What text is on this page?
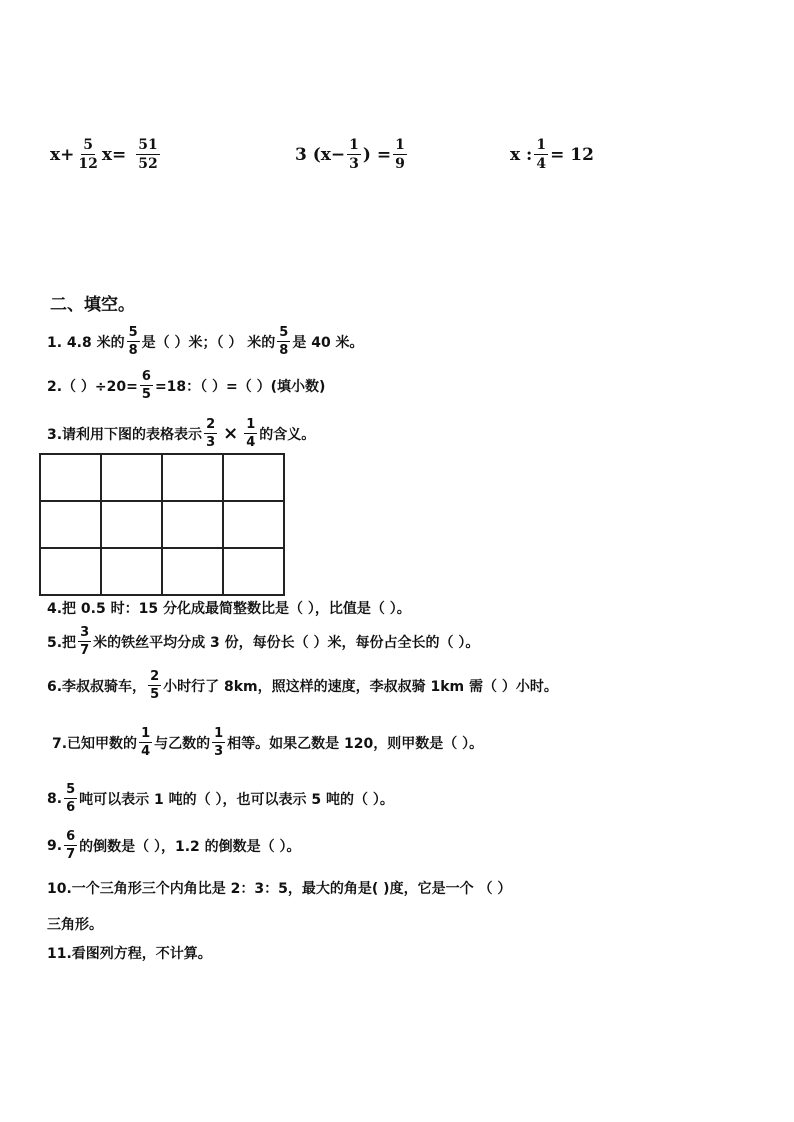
$x+ \frac{5}{12} x= \frac{51}{52}$	3 ($x- \frac{1}{3}$ ) = $\frac{1}{9}$	x : $\frac{1}{4} = 12$
二、填空。
1. 4.8 米的 $\frac{5}{8}$ 是（ ）米；（ ） 米的 $\frac{5}{8}$ 是 40 米。
2.（ ）$\div 20= \frac{6}{5} =18$：（ ）=（ ）(填小数)
3.请利用下图的表格表示 $\frac{2}{3} \times \frac{1}{4}$ 的含义。

4.把 0.5 时：15 分化成最简整数比是（ ），比值是（ ）。
5.把 $\frac{3}{7}$ 米的铁丝平均分成 3 份，每份长（ ）米，每份占全长的（ ）。
6.李叔叔骑车， $\frac{2}{5}$ 小时行了 8km，照这样的速度，李叔叔骑 1km 需（ ）小时。
7.已知甲数的 $\frac{1}{4}$ 与乙数的 $\frac{1}{3}$ 相等。如果乙数是 120，则甲数是（ ）。
8. $\frac{5}{6}$ 吨可以表示 1 吨的（ ），也可以表示 5 吨的（ ）。
9. $\frac{6}{7}$ 的倒数是（ ），1.2 的倒数是（ ）。
10.一个三角形三个内角比是 2：3：5，最大的角是( )度，它是一个 （ ）
三角形。
11.看图列方程，不计算。
